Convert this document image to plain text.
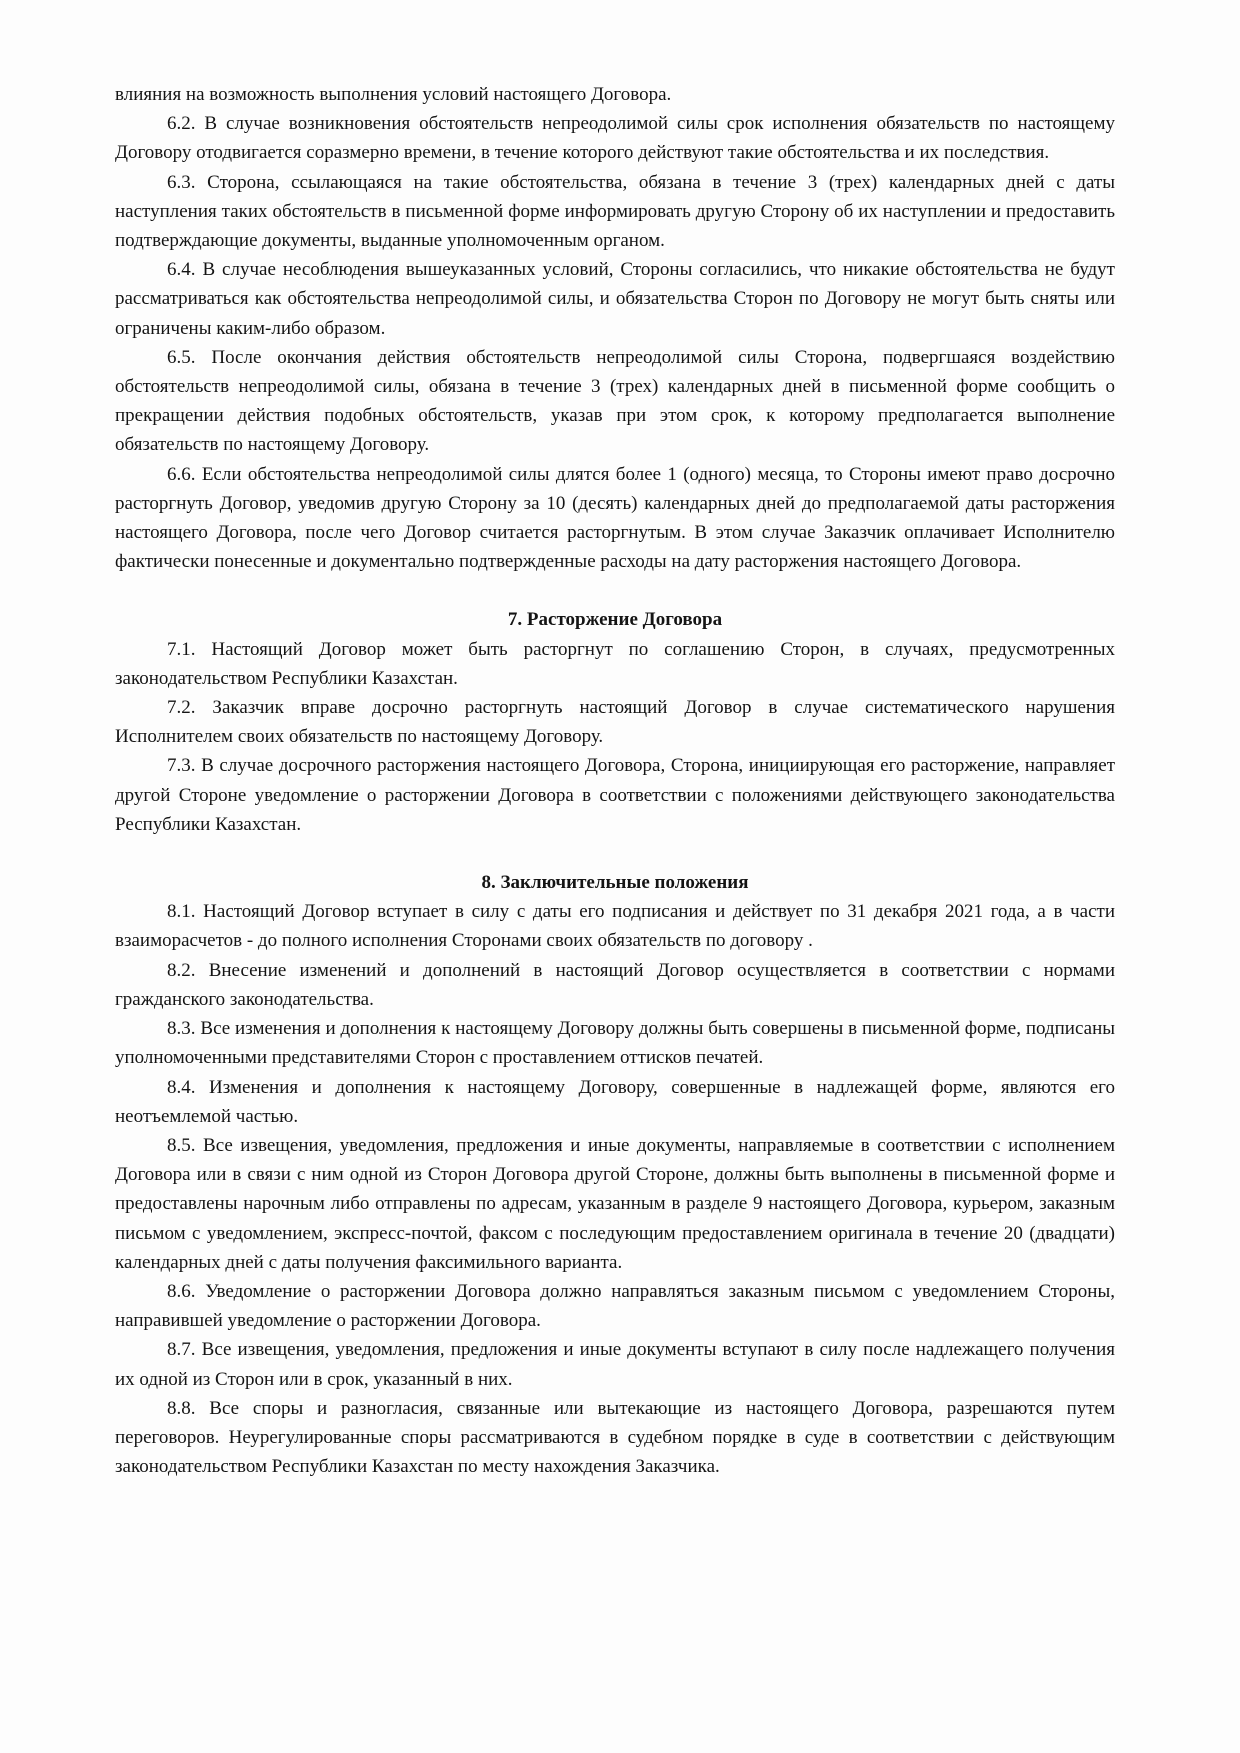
влияния на возможность выполнения условий настоящего Договора.

6.2. В случае возникновения обстоятельств непреодолимой силы срок исполнения обязательств по настоящему Договору отодвигается соразмерно времени, в течение которого действуют такие обстоятельства и их последствия.

6.3. Сторона, ссылающаяся на такие обстоятельства, обязана в течение 3 (трех) календарных дней с даты наступления таких обстоятельств в письменной форме информировать другую Сторону об их наступлении и предоставить подтверждающие документы, выданные уполномоченным органом.

6.4. В случае несоблюдения вышеуказанных условий, Стороны согласились, что никакие обстоятельства не будут рассматриваться как обстоятельства непреодолимой силы, и обязательства Сторон по Договору не могут быть сняты или ограничены каким-либо образом.

6.5. После окончания действия обстоятельств непреодолимой силы Сторона, подвергшаяся воздействию обстоятельств непреодолимой силы, обязана в течение 3 (трех) календарных дней в письменной форме сообщить о прекращении действия подобных обстоятельств, указав при этом срок, к которому предполагается выполнение обязательств по настоящему Договору.

6.6. Если обстоятельства непреодолимой силы длятся более 1 (одного) месяца, то Стороны имеют право досрочно расторгнуть Договор, уведомив другую Сторону за 10 (десять) календарных дней до предполагаемой даты расторжения настоящего Договора, после чего Договор считается расторгнутым. В этом случае Заказчик оплачивает Исполнителю фактически понесенные и документально подтвержденные расходы на дату расторжения настоящего Договора.

7. Расторжение Договора

7.1. Настоящий Договор может быть расторгнут по соглашению Сторон, в случаях, предусмотренных законодательством Республики Казахстан.

7.2. Заказчик вправе досрочно расторгнуть настоящий Договор в случае систематического нарушения Исполнителем своих обязательств по настоящему Договору.

7.3. В случае досрочного расторжения настоящего Договора, Сторона, инициирующая его расторжение, направляет другой Стороне уведомление о расторжении Договора в соответствии с положениями действующего законодательства Республики Казахстан.

8. Заключительные положения

8.1. Настоящий Договор вступает в силу с даты его подписания и действует по 31 декабря 2021 года, а в части взаиморасчетов - до полного исполнения Сторонами своих обязательств по договору .

8.2. Внесение изменений и дополнений в настоящий Договор осуществляется в соответствии с нормами гражданского законодательства.

8.3. Все изменения и дополнения к настоящему Договору должны быть совершены в письменной форме, подписаны уполномоченными представителями Сторон с проставлением оттисков печатей.

8.4. Изменения и дополнения к настоящему Договору, совершенные в надлежащей форме, являются его неотъемлемой частью.

8.5. Все извещения, уведомления, предложения и иные документы, направляемые в соответствии с исполнением Договора или в связи с ним одной из Сторон Договора другой Стороне, должны быть выполнены в письменной форме и предоставлены нарочным либо отправлены по адресам, указанным в разделе 9 настоящего Договора, курьером, заказным письмом с уведомлением, экспресс-почтой, факсом с последующим предоставлением оригинала в течение 20 (двадцати) календарных дней с даты получения факсимильного варианта.

8.6. Уведомление о расторжении Договора должно направляться заказным письмом с уведомлением Стороны, направившей уведомление о расторжении Договора.

8.7. Все извещения, уведомления, предложения и иные документы вступают в силу после надлежащего получения их одной из Сторон или в срок, указанный в них.

8.8. Все споры и разногласия, связанные или вытекающие из настоящего Договора, разрешаются путем переговоров. Неурегулированные споры рассматриваются в судебном порядке в суде в соответствии с действующим законодательством Республики Казахстан по месту нахождения Заказчика.
